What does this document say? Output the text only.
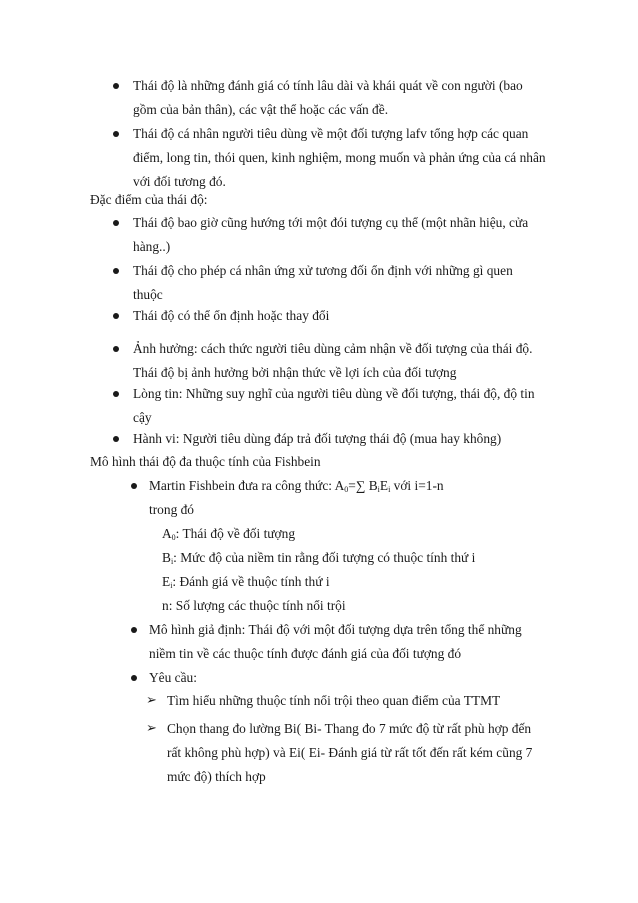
Thái độ là những đánh giá có tính lâu dài và khái quát về con người (bao
gồm của bản thân), các vật thể hoặc các vấn đề.
Thái độ cá nhân người tiêu dùng về một đối tượng lafv tổng hợp các quan
điểm, long tin, thói quen, kinh nghiệm, mong muốn và phản ứng của cá nhân
với đối tương đó.
Đặc điểm của thái độ:
Thái độ bao giờ cũng hướng tới một đói tượng cụ thể (một nhãn hiệu, cửa
hàng..)
Thái độ cho phép cá nhân ứng xử tương đối ổn định với những gì quen
thuộc
Thái độ có thể ổn định hoặc thay đổi
Ảnh hưởng: cách thức người tiêu dùng cảm nhận về đối tượng của thái độ.
Thái độ bị ảnh hưởng bởi nhận thức về lợi ích của đối tượng
Lòng tin: Những suy nghĩ của người tiêu dùng về đối tượng, thái độ, độ tin
cậy
Hành vi: Người tiêu dùng đáp trả đối tượng thái độ (mua hay không)
Mô hình thái độ đa thuộc tính của Fishbein
Martin Fishbein đưa ra công thức: $A_0=\sum$ $B_iE_i$ với i=1-n
trong đó
$A_0$: Thái độ về đối tượng
$B_i$: Mức độ của niềm tin rằng đối tượng có thuộc tính thứ i
$E_i$: Đánh giá về thuộc tính thứ i
n: Số lượng các thuộc tính nổi trội
Mô hình giả định: Thái độ với một đối tượng dựa trên tổng thể những
niềm tin về các thuộc tính được đánh giá của đối tượng đó
Yêu cầu:
➢ Tìm hiểu những thuộc tính nổi trội theo quan điểm của TTMT
➢ Chọn thang đo lường Bi( Bi- Thang đo 7 mức độ từ rất phù hợp đến
rất không phù hợp) và Ei( Ei- Đánh giá từ rất tốt đến rất kém cũng 7
mức độ) thích hợp
